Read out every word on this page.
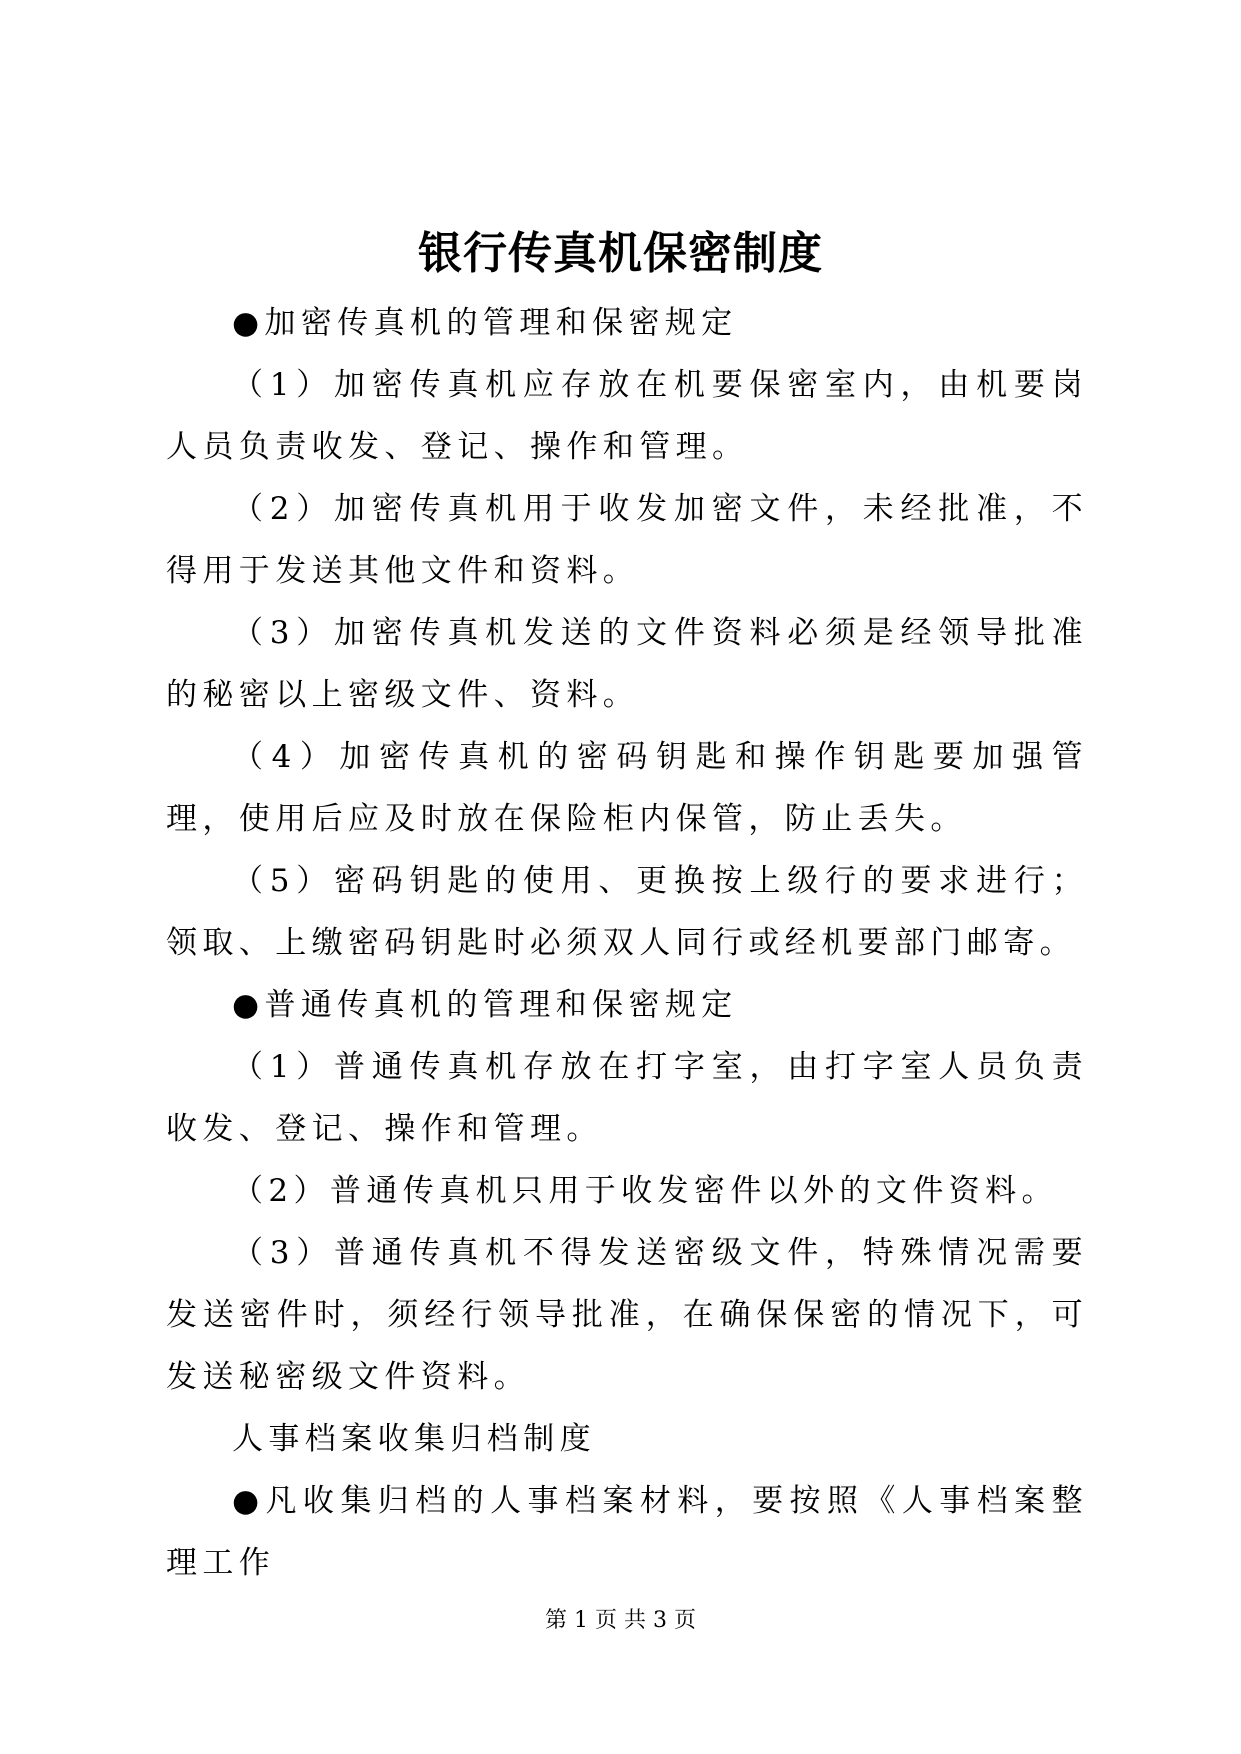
银行传真机保密制度

●加密传真机的管理和保密规定

（1）加密传真机应存放在机要保密室内，由机要岗人员负责收发、登记、操作和管理。

（2）加密传真机用于收发加密文件，未经批准，不得用于发送其他文件和资料。

（3）加密传真机发送的文件资料必须是经领导批准的秘密以上密级文件、资料。

（4）加密传真机的密码钥匙和操作钥匙要加强管理，使用后应及时放在保险柜内保管，防止丢失。

（5）密码钥匙的使用、更换按上级行的要求进行；领取、上缴密码钥匙时必须双人同行或经机要部门邮寄。

●普通传真机的管理和保密规定

（1）普通传真机存放在打字室，由打字室人员负责收发、登记、操作和管理。

（2）普通传真机只用于收发密件以外的文件资料。

（3）普通传真机不得发送密级文件，特殊情况需要发送密件时，须经行领导批准，在确保保密的情况下，可发送秘密级文件资料。

人事档案收集归档制度

●凡收集归档的人事档案材料，要按照《人事档案整理工作

第 1 页 共 3 页
